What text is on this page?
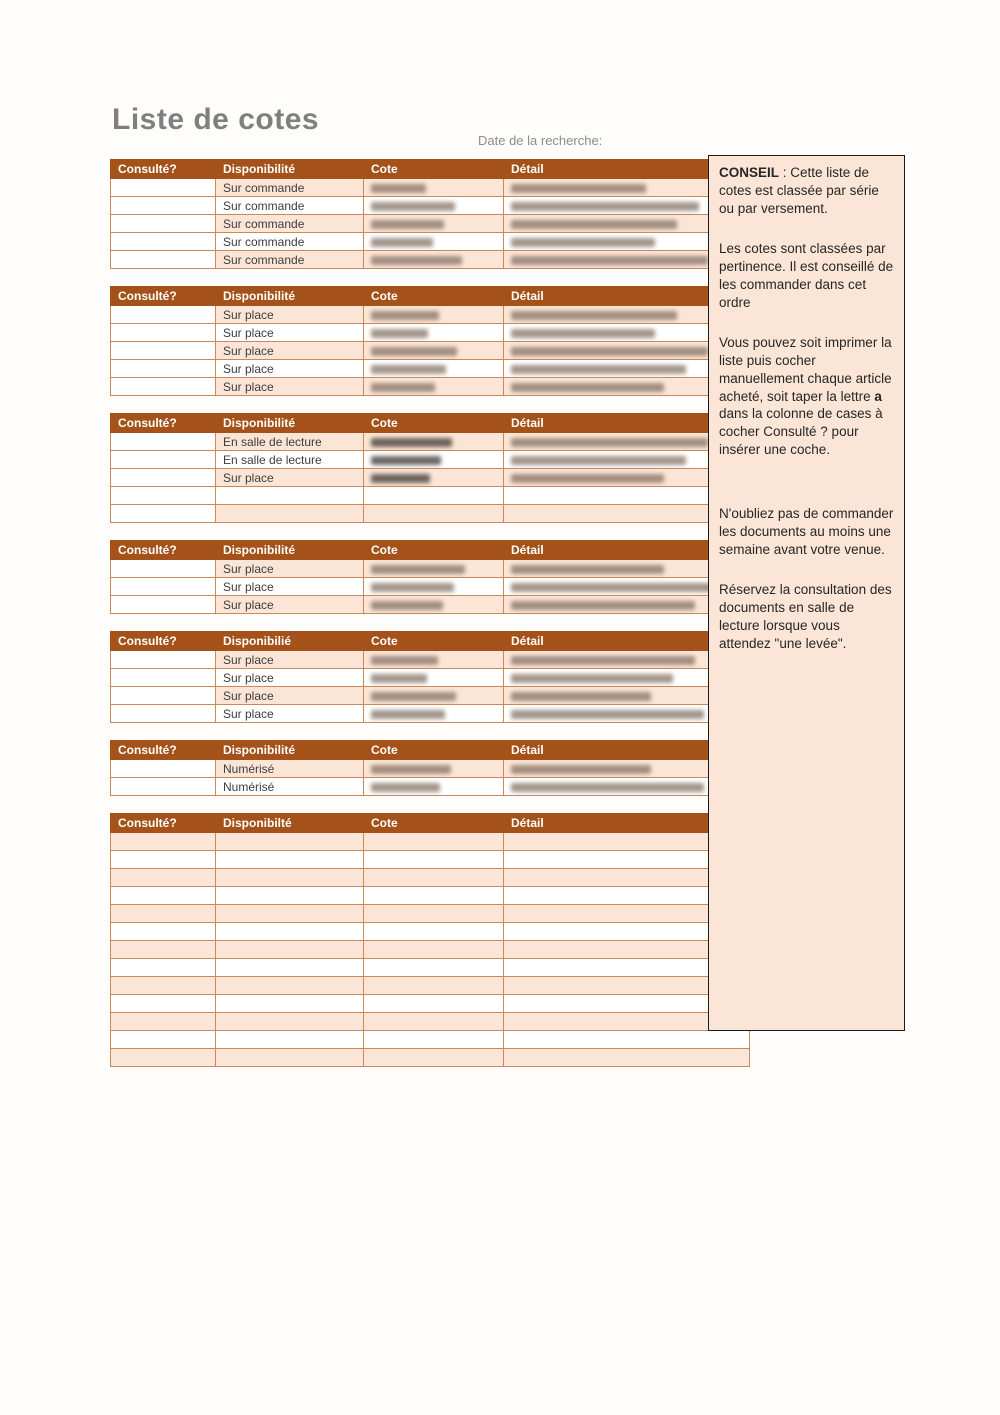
Liste de cotes
Date de la recherche:
Consulté?	Disponibilité	Cote	Détail
	Sur commande		
	Sur commande		
	Sur commande		
	Sur commande		
	Sur commande		
Consulté?	Disponibilité	Cote	Détail
	Sur place		
	Sur place		
	Sur place		
	Sur place		
	Sur place		
Consulté?	Disponibilité	Cote	Détail
	En salle de lecture		
	En salle de lecture		
	Sur place		

Consulté?	Disponibilité	Cote	Détail
	Sur place		
	Sur place		
	Sur place		
Consulté?	Disponibilié	Cote	Détail
	Sur place		
	Sur place		
	Sur place		
	Sur place		
Consulté?	Disponibilité	Cote	Détail
	Numérisé		
	Numérisé		
Consulté?	Disponibilté	Cote	Détail

CONSEIL : Cette liste de cotes est classée par série ou par versement.

Les cotes sont classées par pertinence. Il est conseillé de les commander dans cet ordre

Vous pouvez soit imprimer la liste puis cocher manuellement chaque article acheté, soit taper la lettre a dans la colonne de cases à cocher Consulté ? pour insérer une coche.

N'oubliez pas de commander les documents au moins une semaine avant votre venue.

Réservez la consultation des documents en salle de lecture lorsque vous attendez "une levée".
